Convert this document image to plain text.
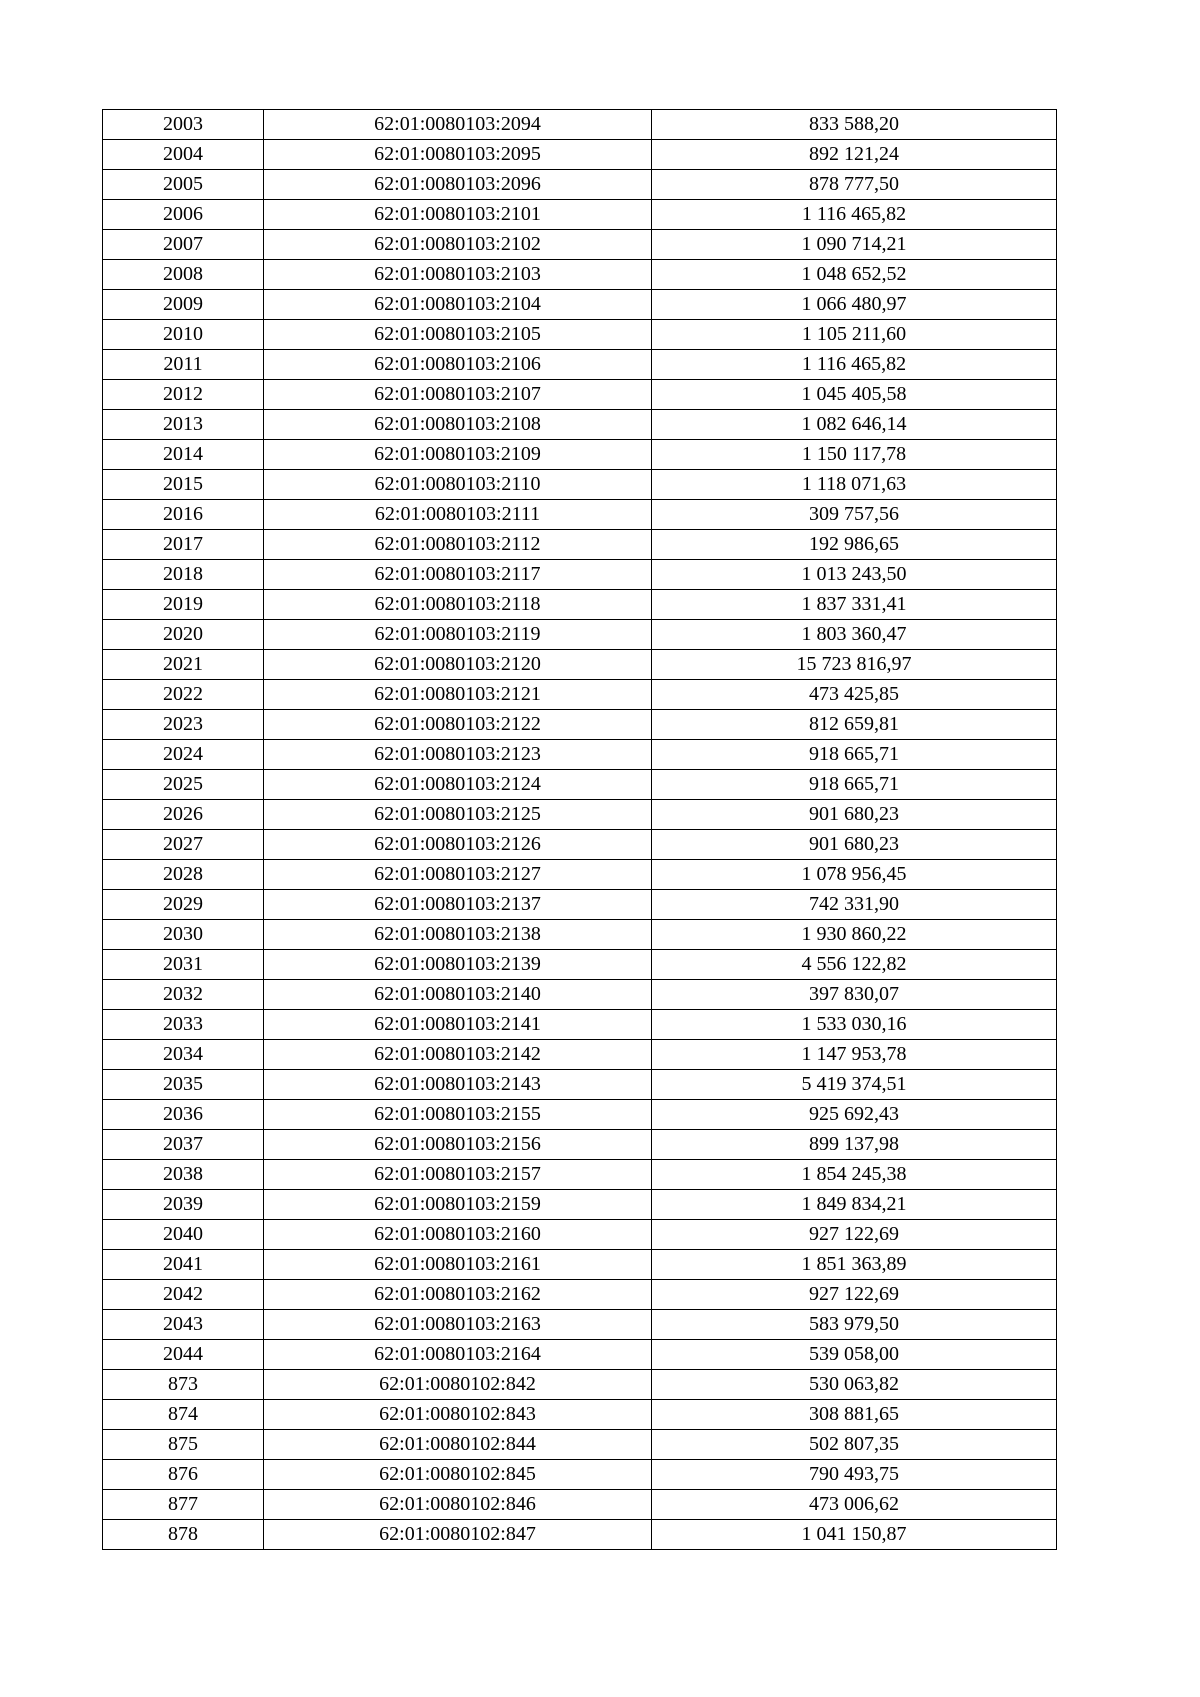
2003	62:01:0080103:2094	833 588,20
2004	62:01:0080103:2095	892 121,24
2005	62:01:0080103:2096	878 777,50
2006	62:01:0080103:2101	1 116 465,82
2007	62:01:0080103:2102	1 090 714,21
2008	62:01:0080103:2103	1 048 652,52
2009	62:01:0080103:2104	1 066 480,97
2010	62:01:0080103:2105	1 105 211,60
2011	62:01:0080103:2106	1 116 465,82
2012	62:01:0080103:2107	1 045 405,58
2013	62:01:0080103:2108	1 082 646,14
2014	62:01:0080103:2109	1 150 117,78
2015	62:01:0080103:2110	1 118 071,63
2016	62:01:0080103:2111	309 757,56
2017	62:01:0080103:2112	192 986,65
2018	62:01:0080103:2117	1 013 243,50
2019	62:01:0080103:2118	1 837 331,41
2020	62:01:0080103:2119	1 803 360,47
2021	62:01:0080103:2120	15 723 816,97
2022	62:01:0080103:2121	473 425,85
2023	62:01:0080103:2122	812 659,81
2024	62:01:0080103:2123	918 665,71
2025	62:01:0080103:2124	918 665,71
2026	62:01:0080103:2125	901 680,23
2027	62:01:0080103:2126	901 680,23
2028	62:01:0080103:2127	1 078 956,45
2029	62:01:0080103:2137	742 331,90
2030	62:01:0080103:2138	1 930 860,22
2031	62:01:0080103:2139	4 556 122,82
2032	62:01:0080103:2140	397 830,07
2033	62:01:0080103:2141	1 533 030,16
2034	62:01:0080103:2142	1 147 953,78
2035	62:01:0080103:2143	5 419 374,51
2036	62:01:0080103:2155	925 692,43
2037	62:01:0080103:2156	899 137,98
2038	62:01:0080103:2157	1 854 245,38
2039	62:01:0080103:2159	1 849 834,21
2040	62:01:0080103:2160	927 122,69
2041	62:01:0080103:2161	1 851 363,89
2042	62:01:0080103:2162	927 122,69
2043	62:01:0080103:2163	583 979,50
2044	62:01:0080103:2164	539 058,00
873	62:01:0080102:842	530 063,82
874	62:01:0080102:843	308 881,65
875	62:01:0080102:844	502 807,35
876	62:01:0080102:845	790 493,75
877	62:01:0080102:846	473 006,62
878	62:01:0080102:847	1 041 150,87
